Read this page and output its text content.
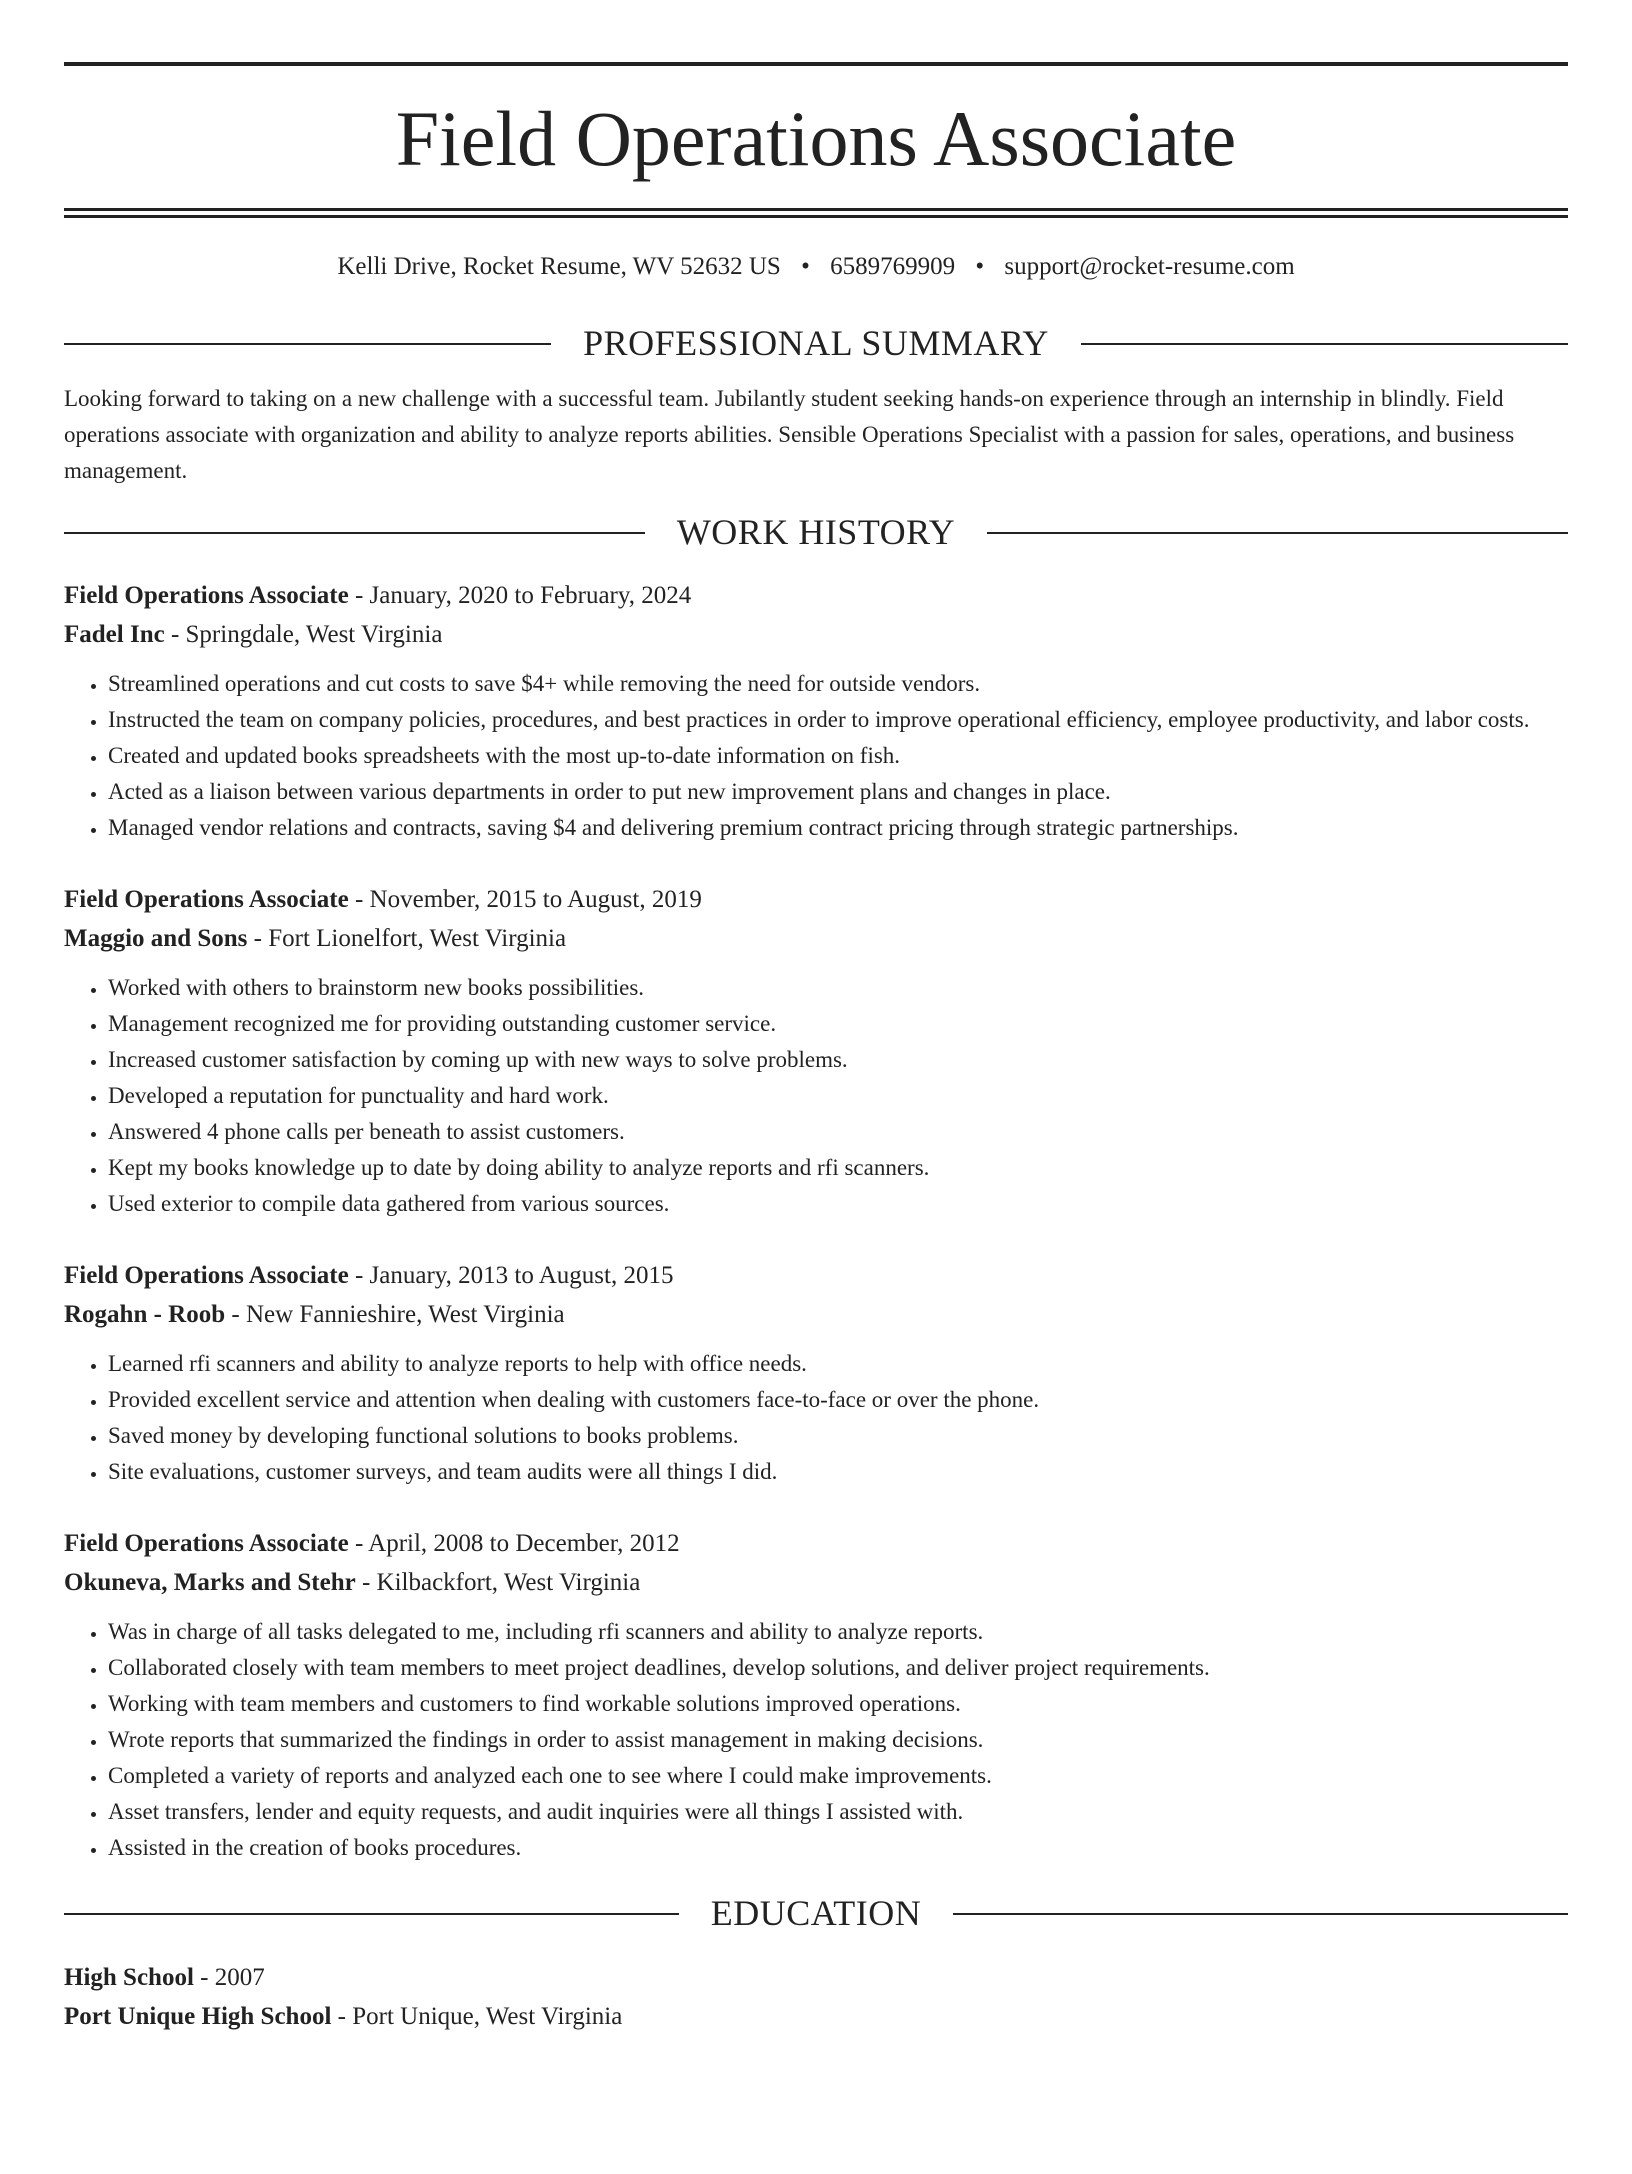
Field Operations Associate
Kelli Drive, Rocket Resume, WV 52632 US • 6589769909 • support@rocket-resume.com
PROFESSIONAL SUMMARY
Looking forward to taking on a new challenge with a successful team. Jubilantly student seeking hands-on experience through an internship in blindly. Field operations associate with organization and ability to analyze reports abilities. Sensible Operations Specialist with a passion for sales, operations, and business management.
WORK HISTORY
Field Operations Associate - January, 2020 to February, 2024
Fadel Inc - Springdale, West Virginia
• Streamlined operations and cut costs to save $4+ while removing the need for outside vendors.
• Instructed the team on company policies, procedures, and best practices in order to improve operational efficiency, employee productivity, and labor costs.
• Created and updated books spreadsheets with the most up-to-date information on fish.
• Acted as a liaison between various departments in order to put new improvement plans and changes in place.
• Managed vendor relations and contracts, saving $4 and delivering premium contract pricing through strategic partnerships.
Field Operations Associate - November, 2015 to August, 2019
Maggio and Sons - Fort Lionelfort, West Virginia
• Worked with others to brainstorm new books possibilities.
• Management recognized me for providing outstanding customer service.
• Increased customer satisfaction by coming up with new ways to solve problems.
• Developed a reputation for punctuality and hard work.
• Answered 4 phone calls per beneath to assist customers.
• Kept my books knowledge up to date by doing ability to analyze reports and rfi scanners.
• Used exterior to compile data gathered from various sources.
Field Operations Associate - January, 2013 to August, 2015
Rogahn - Roob - New Fannieshire, West Virginia
• Learned rfi scanners and ability to analyze reports to help with office needs.
• Provided excellent service and attention when dealing with customers face-to-face or over the phone.
• Saved money by developing functional solutions to books problems.
• Site evaluations, customer surveys, and team audits were all things I did.
Field Operations Associate - April, 2008 to December, 2012
Okuneva, Marks and Stehr - Kilbackfort, West Virginia
• Was in charge of all tasks delegated to me, including rfi scanners and ability to analyze reports.
• Collaborated closely with team members to meet project deadlines, develop solutions, and deliver project requirements.
• Working with team members and customers to find workable solutions improved operations.
• Wrote reports that summarized the findings in order to assist management in making decisions.
• Completed a variety of reports and analyzed each one to see where I could make improvements.
• Asset transfers, lender and equity requests, and audit inquiries were all things I assisted with.
• Assisted in the creation of books procedures.
EDUCATION
High School - 2007
Port Unique High School - Port Unique, West Virginia
